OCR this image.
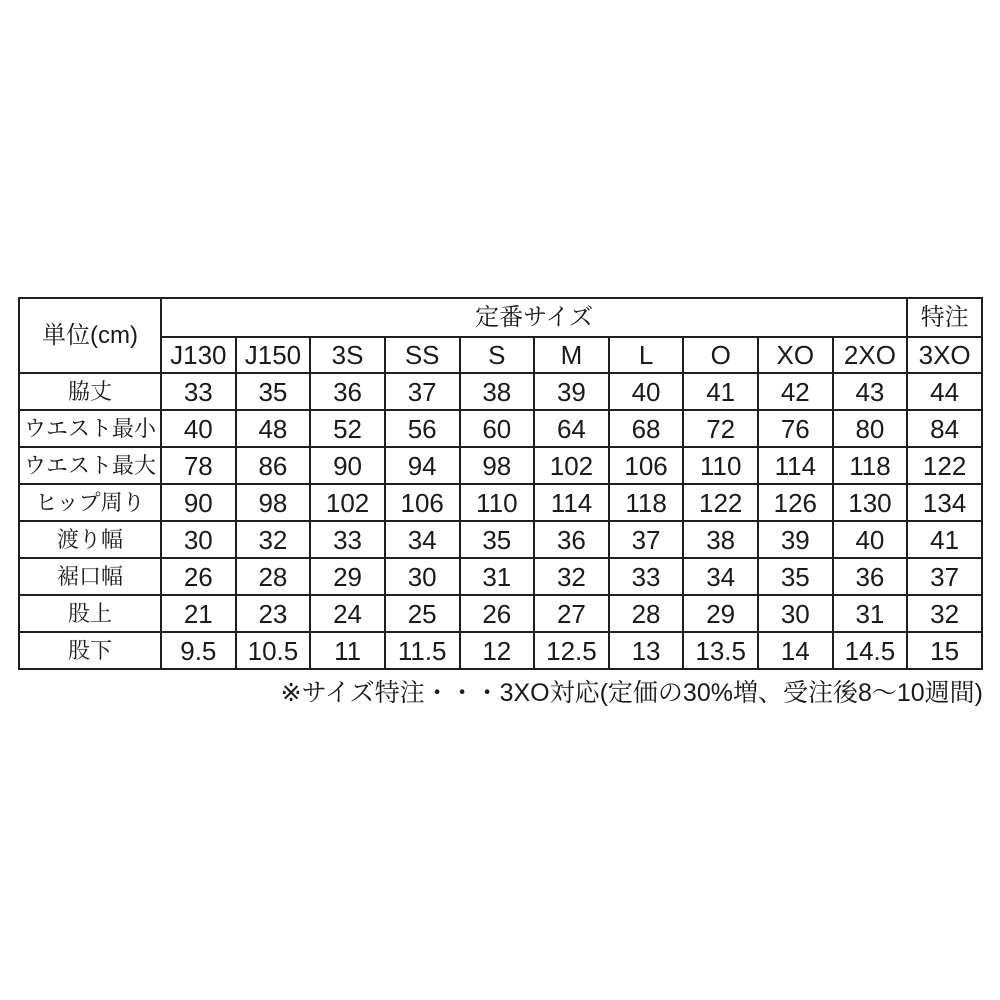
単位(cm)	定番サイズ										特注
	J130	J150	3S	SS	S	M	L	O	XO	2XO	3XO
脇丈	33	35	36	37	38	39	40	41	42	43	44
ウエスト最小	40	48	52	56	60	64	68	72	76	80	84
ウエスト最大	78	86	90	94	98	102	106	110	114	118	122
ヒップ周り	90	98	102	106	110	114	118	122	126	130	134
渡り幅	30	32	33	34	35	36	37	38	39	40	41
裾口幅	26	28	29	30	31	32	33	34	35	36	37
股上	21	23	24	25	26	27	28	29	30	31	32
股下	9.5	10.5	11	11.5	12	12.5	13	13.5	14	14.5	15
※サイズ特注・・・3XO対応(定価の30%増、受注後8～10週間)
